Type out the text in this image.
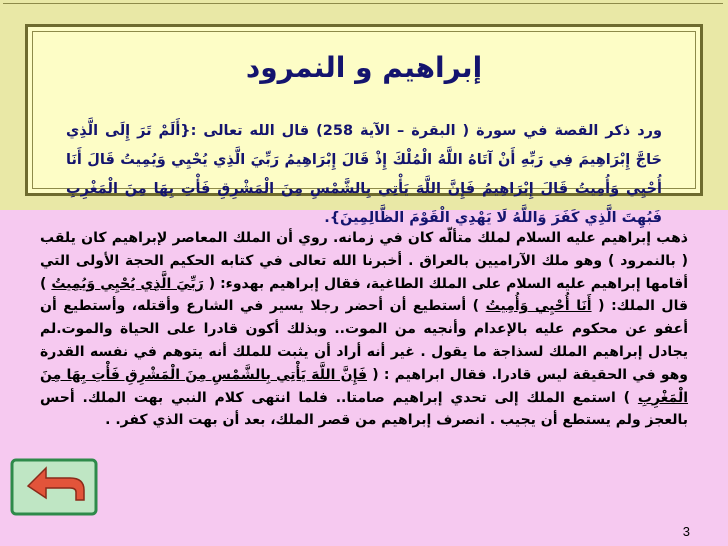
إبراهيم و النمرود
ورد ذكر القصة في سورة ( البقرة – الآية 258) قال الله تعالى :{أَلَمْ تَرَ إِلَى الَّذِي حَاجَّ إِبْرَاهِيمَ فِي رَبِّهِ أَنْ آتَاهُ اللَّهُ الْمُلْكَ إِذْ قَالَ إِبْرَاهِيمُ رَبِّيَ الَّذِي يُحْيِي وَيُمِيتُ قَالَ أَنَا أُحْيِي وَأُمِيتُ قَالَ إِبْرَاهِيمُ فَإِنَّ اللَّهَ يَأْتِي بِالشَّمْسِ مِنَ الْمَشْرِقِ فَأْتِ بِهَا مِنَ الْمَغْرِبِ فَبُهِتَ الَّذِي كَفَرَ وَاللَّهُ لَا يَهْدِي الْقَوْمَ الظَّالِمِينَ}.
ذهب إبراهيم عليه السلام لملك متألّه كان في زمانه. روي أن الملك المعاصر لإبراهيم كان يلقب ( بالنمرود ) وهو ملك الآراميين بالعراق . أخبرنا الله تعالى في كتابه الحكيم الحجة الأولى التي أقامها إبراهيم عليه السلام على الملك الطاغية، فقال إبراهيم بهدوء: ( رَبِّيَ الَّذِي يُحْيِي وَيُمِيتُ ) قال الملك: ( أَنَا أُحْيِي وَأُمِيتُ ) أستطيع أن أحضر رجلا يسير في الشارع وأقتله، وأستطيع أن أعفو عن محكوم عليه بالإعدام وأنجيه من الموت.. وبذلك أكون قادرا على الحياة والموت.لم يجادل إبراهيم الملك لسذاجة ما يقول . غير أنه أراد أن يثبت للملك أنه يتوهم في نفسه القدرة وهو في الحقيقة ليس قادرا. فقال ابراهيم : ( فَإِنَّ اللَّهَ يَأْتِي بِالشَّمْسِ مِنَ الْمَشْرِقِ فَأْتِ بِهَا مِنَ الْمَغْرِبِ ) استمع الملك إلى تحدي إبراهيم صامتا.. فلما انتهى كلام النبي بهت الملك. أحس بالعجز ولم يستطع أن يجيب . انصرف إبراهيم من قصر الملك، بعد أن بهت الذي كفر. .
3
